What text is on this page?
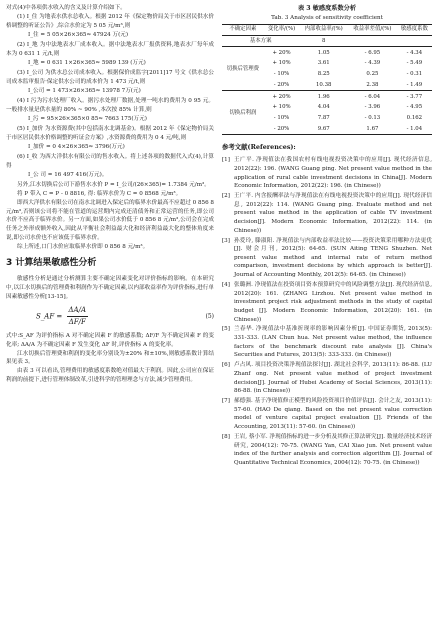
对式(4)中各项供水收入的含义及计算介绍如下。
(1) I_住 为地表水供水总收入。根据 2012 年《保定物价局关于市区居民供水价格调整的听证公告》,综合水价定为 5 05 元/m³,则
I_住 = 5 05×26×365≈ 47924 万(元)
(2) I_地 为中法地表水厂成本收入。据中法地表水厂报供资料,地表水厂每年成本为 0 631 1 元/t,则
I_地 = 0 631 1×26×365≈ 5989 139 (万元)
(3) I_公司 为供水总公司成本收入。根据保价成监字[2011]17 号文《供水总公司成本监审报告·保定供水公司的成本价为 1 473 元/t,则
I_公司 = 1 473×26×365≈ 13978 7万(元)
(4) I 污为污水处理厂收入。据污水处理厂数据,处理一吨水的费用为 0 95 元。一般排水量是供水量的 80% ~ 90% ,本次按 85% 计算,则
I_污 = 95×26×365×0 85≈ 7663 175(万元)
(5) I_加价 为水资源费(其中包括南水北调基金)。根据 2012 年《保定物价局关于市区居民供水价格调整的听证会方案》,水资源费的费用为 0 4 元/吨,则
I_加价 = 0 4×26×365≈ 3796(万元)
(6) I_收 为西大洋供水有限公司的售水收入。将上述各项的数据代入式(4),计算得
I_公 司 = 16 497 416(万元)。
另外,江水切换后公司下游售水水价 P = I_公司/(26×365)= 1.7384 元/m³。
将 P 带入 C = P - 0 8816, 得: 临界水价为 C = 0 8568 元/m³。
即西大洋供水有限公司在南水北调进入保定后的临界水价最高不应超过 0 856 8 元/m³,否则该公司将不能在管道的运营期内完成还清债务和正常运营的任务,即公司水价不应高于临界水价。另一方面,如果公司水价低于 0 856 8 元/m³,公司会在完成任务之外形成额外收入,因此从平衡社会利益最大化和经济利益最大化的整体角度来说,即公司水价也不应该低于临界水价。
综上所述,口门水价应取临界水价即 0 856 8 元/m³。
3 计算结果敏感性分析
敏感性分析是通过分析测算主要不确定因素变化对评价指标的影响。在本研究中,以江水切换后的管理费和利润作为不确定因素,以内部收益率作为评价指标,进行单因素敏感性分析[13-15]。
S_AF = $\frac{\Delta A/A}{\Delta F/F}$	(5)
式中:S_AF 为评价指标 A 对不确定因素 F 的敏感系数; ΔF/F 为不确定因素 F 的变化率; ΔA/A 为不确定因素 F 发生变化 ΔF 时,评价指标 A 的变化率。
江水切换后管理费和利润的变化率分别设为±20% 和±10%,则敏感系数计算结果见表 3。
由表 3 可以看出,管理费用的敏感度系数绝对值最大于利润。因此,公司应在保证利润的前提下,进行管理体制改革,引进科学的管理理念与方法,减少管理费用。
表 3 敏感度系数分析
Tab. 3 Analysis of sensitivity coefficient
不确定因素	变化率/(%)	内部收益率/(%)	收益率差值/(%)	敏感度系数
基本方案		8		
切换后管理费	+ 20%	1.05	- 6.95	- 4.34
	+ 10%	3.61	- 4.39	- 5.49
	- 10%	8.25	0.25	- 0.31
	- 20%	10.38	2.38	- 1.49
切换后利润	+ 20%	1.96	- 6.04	- 3.77
	+ 10%	4.04	- 3.96	- 4.95
	- 10%	7.87	- 0.13	0.162
	- 20%	9.67	1.67	- 1.04
参考文献(References):
[1] 王广平. 净现值法在我国农村有线电视投资决策中的应用[J]. 现代经济信息, 2012(22): 196. (WANG Guang ping. Net present value method in the application of rural cable investment decisions in China[J]. Modern Economic Information, 2012(22): 196. (in Chinese))
[2] 王广平. 内含报酬率法与净现值法在有线电视投资决策中的应用[J]. 现代经济信息, 2012(22): 114. (WANG Guang ping. Evaluate method and net present value method in the application of cable TV investment decision[J]. Modern Economic Information, 2012(22): 114. (in Chinese))
[3] 孙爱玲, 滕淑阳. 净现值法与内部收益率法比较——投资决策采用哪种方法更优[J]. 财会月刊, 2012(5): 64-65. (SUN Aiting TENG Shuzhen. Net present value method and internal rate of return method comparison, investment decisions by which approach is better[J]. Journal of Accounting Monthly, 2012(5): 64-65. (in Chinese))
[4] 张璐洲. 净现值法在投资项目资本预算研究中的风险调整方法[J]. 现代经济信息, 2012(20): 161. (ZHANG Lirzhou. Net present value method in investment project risk adjustment methods in the study of capital budget [J]. Modern Economic Information, 2012(20): 161. (in Chinese))
[5] 兰春华. 净现值法中基准折现率的影响因素分析[J]. 中国证券期货, 2013(5): 331-333. (LAN Chun hua. Net present value method, the influence factors of the benchmark discount rate analysis [J]. China's Securities and Futures, 2013(5): 333-333. (in Chinese))
[6] 卢占风. 项目投资决策净现值法探讨[J]. 湖北社会科学, 2013(11): 86-88. (LU Zhanf ong. Net present value method of project investment decision[J]. Journal of Hubei Academy of Social Sciences, 2013(11): 86-88. (in Chinese))
[7] 郝德强. 基于净现值修正模型的风险投资项目价值评估[J]. 会计之友, 2013(11): 57-60. (HAO De qiang. Based on the net present value correction model of venture capital project evaluation [J]. Friends of the Accounting, 2013(11): 57-60. (in Chinese))
[8] 王岩, 蔡小军. 净现值指标的进一步分析及其修正算法研究[J]. 数量经济技术经济研究, 2004(12): 70-75. (WANG Yan, CAI Xiao jun. Net present value index of the further analysis and correction algorithm [J]. Journal of Quantitative Technical Economics, 2004(12): 70-75. (in Chinese))
